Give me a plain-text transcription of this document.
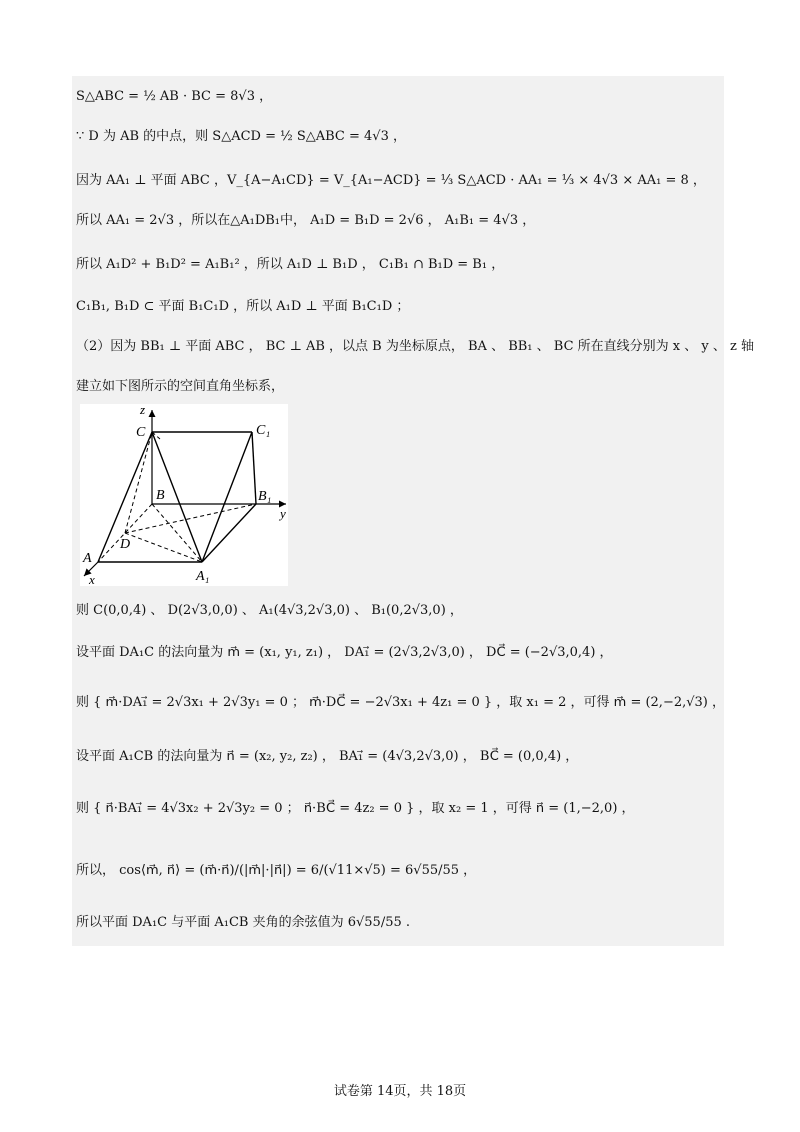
S△ABC = ½ AB · BC = 8√3 ，
∵ D 为 AB 的中点，则 S△ACD = ½ S△ABC = 4√3 ，
因为 AA₁ ⊥ 平面 ABC ，V_{A−A₁CD} = V_{A₁−ACD} = ⅓ S△ACD · AA₁ = ⅓ × 4√3 × AA₁ = 8 ，
所以 AA₁ = 2√3 ，所以在△A₁DB₁中， A₁D = B₁D = 2√6 ， A₁B₁ = 4√3 ，
所以 A₁D² + B₁D² = A₁B₁² ，所以 A₁D ⊥ B₁D ， C₁B₁ ∩ B₁D = B₁ ，
C₁B₁, B₁D ⊂ 平面 B₁C₁D ，所以 A₁D ⊥ 平面 B₁C₁D ；
（2）因为 BB₁ ⊥ 平面 ABC ， BC ⊥ AB ，以点 B 为坐标原点， BA 、 BB₁ 、 BC 所在直线分别为 x 、 y 、 z 轴
建立如下图所示的空间直角坐标系，
z
C	C₁
B	B₁
y
D
A
A₁
x
则 C(0,0,4) 、 D(2√3,0,0) 、 A₁(4√3,2√3,0) 、 B₁(0,2√3,0) ，
设平面 DA₁C 的法向量为 m⃗ = (x₁, y₁, z₁) ， DA₁⃗ = (2√3,2√3,0) ， DC⃗ = (−2√3,0,4) ，
则 { m⃗·DA₁⃗ = 2√3x₁ + 2√3y₁ = 0 ； m⃗·DC⃗ = −2√3x₁ + 4z₁ = 0 } ，取 x₁ = 2 ，可得 m⃗ = (2,−2,√3) ，
设平面 A₁CB 的法向量为 n⃗ = (x₂, y₂, z₂) ， BA₁⃗ = (4√3,2√3,0) ， BC⃗ = (0,0,4) ，
则 { n⃗·BA₁⃗ = 4√3x₂ + 2√3y₂ = 0 ； n⃗·BC⃗ = 4z₂ = 0 } ，取 x₂ = 1 ，可得 n⃗ = (1,−2,0) ，
所以， cos⟨m⃗, n⃗⟩ = (m⃗·n⃗)/(|m⃗|·|n⃗|) = 6/(√11×√5) = 6√55/55 ，
所以平面 DA₁C 与平面 A₁CB 夹角的余弦值为 6√55/55 .
试卷第 14页，共 18页
